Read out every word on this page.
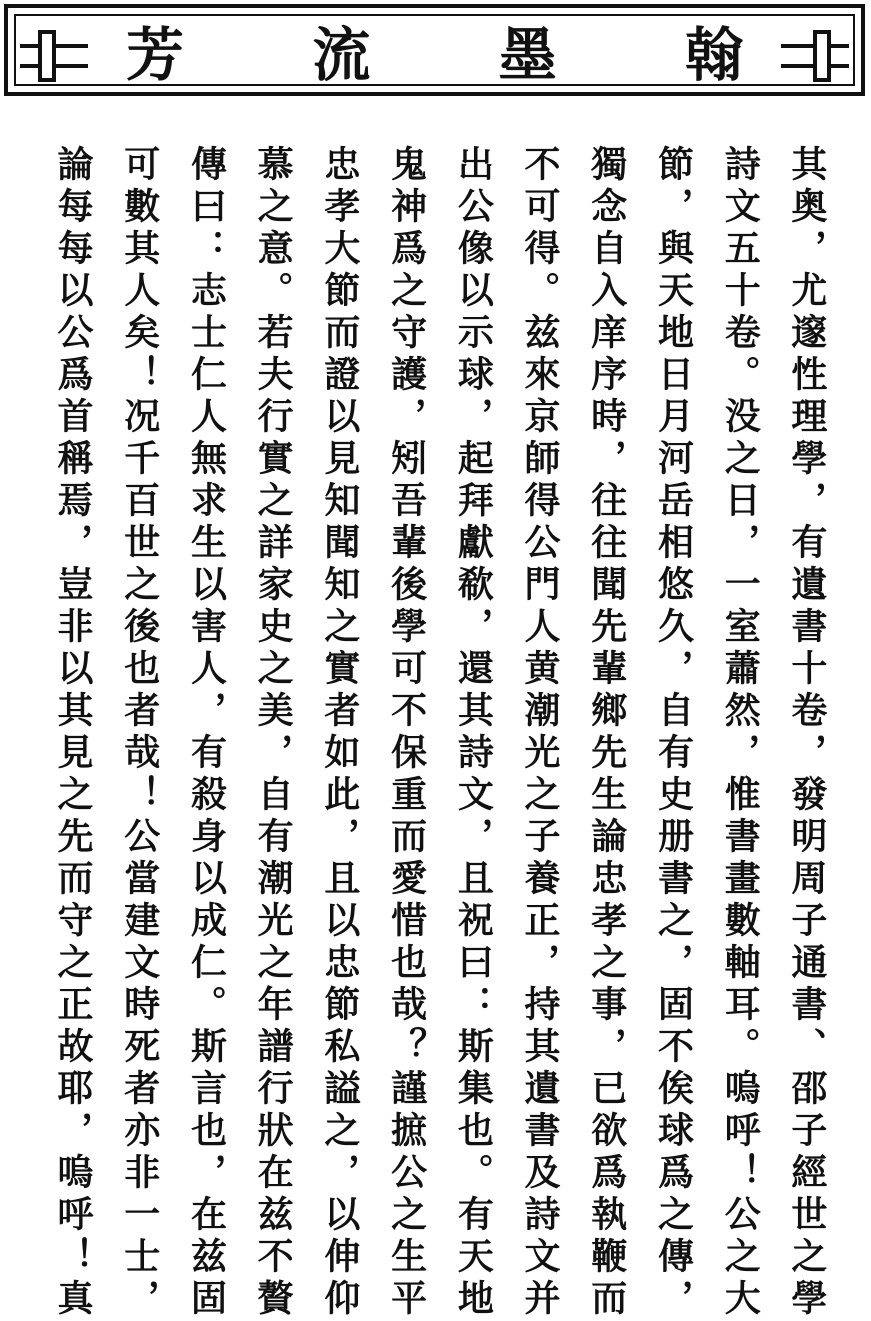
芳 流 墨 翰
其奥，尤邃性理學，有遺書十卷，發明周子通書、邵子經世之學
詩文五十卷。没之日，一室蕭然，惟書畫數軸耳。嗚呼！公之大
節，與天地日月河岳相悠久，自有史册書之，固不俟球爲之傳，
獨念自入庠序時，往往聞先輩鄉先生論忠孝之事，已欲爲執鞭而
不可得。兹來京師得公門人黄潮光之子養正，持其遺書及詩文并
出公像以示球，起拜獻欷，還其詩文，且祝曰：斯集也。有天地
鬼神爲之守護，矧吾輩後學可不保重而愛惜也哉？謹摭公之生平
忠孝大節而證以見知聞知之實者如此，且以忠節私謚之，以伸仰
慕之意。若夫行實之詳家史之美，自有潮光之年譜行狀在兹不贅
傳曰：志士仁人無求生以害人，有殺身以成仁。斯言也，在兹固
可數其人矣！况千百世之後也者哉！公當建文時死者亦非一士，
論每每以公爲首稱焉，豈非以其見之先而守之正故耶，嗚呼！真
